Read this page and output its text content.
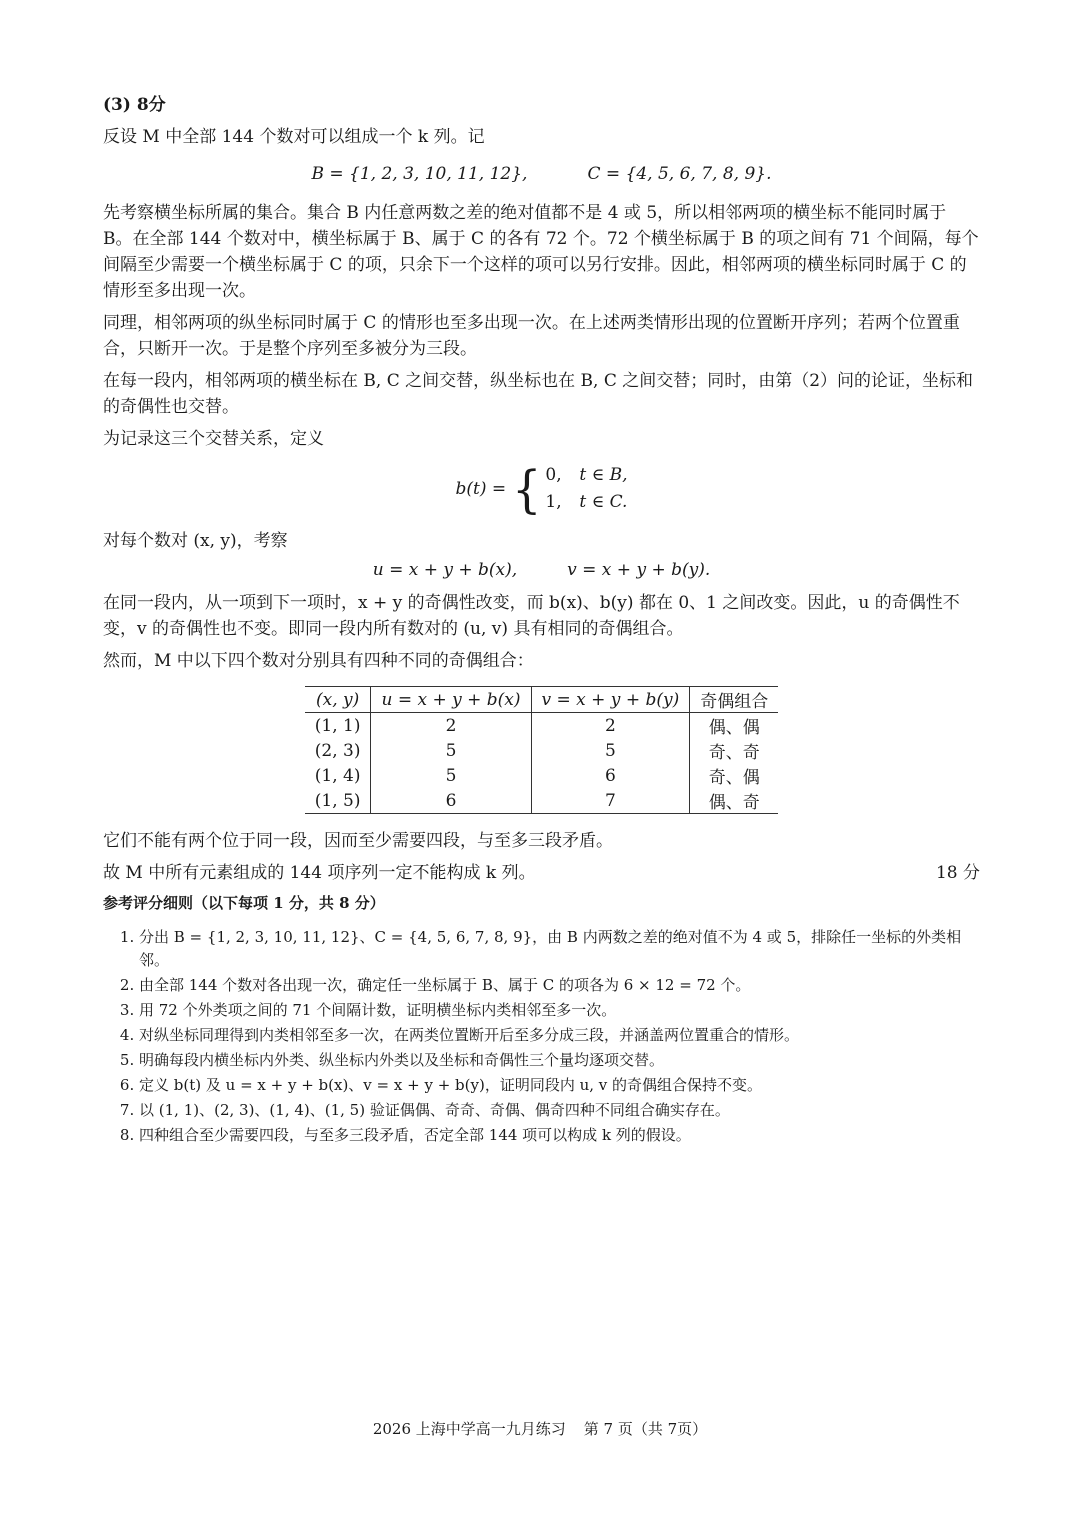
(3) 8分

反设 M 中全部 144 个数对可以组成一个 k 列。记

B = {1, 2, 3, 10, 11, 12},	C = {4, 5, 6, 7, 8, 9}.

先考察横坐标所属的集合。集合 B 内任意两数之差的绝对值都不是 4 或 5，所以相邻两项的横坐标不能同时属于 B。在全部 144 个数对中，横坐标属于 B、属于 C 的各有 72 个。72 个横坐标属于 B 的项之间有 71 个间隔，每个间隔至少需要一个横坐标属于 C 的项，只余下一个这样的项可以另行安排。因此，相邻两项的横坐标同时属于 C 的情形至多出现一次。

同理，相邻两项的纵坐标同时属于 C 的情形也至多出现一次。在上述两类情形出现的位置断开序列；若两个位置重合，只断开一次。于是整个序列至多被分为三段。

在每一段内，相邻两项的横坐标在 B, C 之间交替，纵坐标也在 B, C 之间交替；同时，由第（2）问的论证，坐标和的奇偶性也交替。

为记录这三个交替关系，定义

b(t) = { 0, t ∈ B,
1, t ∈ C.

对每个数对 (x, y)，考察

u = x + y + b(x),	v = x + y + b(y).

在同一段内，从一项到下一项时，x + y 的奇偶性改变，而 b(x)、b(y) 都在 0、1 之间改变。因此，u 的奇偶性不变，v 的奇偶性也不变。即同一段内所有数对的 (u, v) 具有相同的奇偶组合。

然而，M 中以下四个数对分别具有四种不同的奇偶组合：

(x, y)	u = x + y + b(x)	v = x + y + b(y)	奇偶组合
(1, 1)	2	2	偶、偶
(2, 3)	5	5	奇、奇
(1, 4)	5	6	奇、偶
(1, 5)	6	7	偶、奇

它们不能有两个位于同一段，因而至少需要四段，与至多三段矛盾。

故 M 中所有元素组成的 144 项序列一定不能构成 k 列。	18 分

参考评分细则（以下每项 1 分，共 8 分）

1. 分出 B = {1, 2, 3, 10, 11, 12}、C = {4, 5, 6, 7, 8, 9}，由 B 内两数之差的绝对值不为 4 或 5，排除任一坐标的外类相邻。
2. 由全部 144 个数对各出现一次，确定任一坐标属于 B、属于 C 的项各为 6 × 12 = 72 个。
3. 用 72 个外类项之间的 71 个间隔计数，证明横坐标内类相邻至多一次。
4. 对纵坐标同理得到内类相邻至多一次，在两类位置断开后至多分成三段，并涵盖两位置重合的情形。
5. 明确每段内横坐标内外类、纵坐标内外类以及坐标和奇偶性三个量均逐项交替。
6. 定义 b(t) 及 u = x + y + b(x)、v = x + y + b(y)，证明同段内 u, v 的奇偶组合保持不变。
7. 以 (1, 1)、(2, 3)、(1, 4)、(1, 5) 验证偶偶、奇奇、奇偶、偶奇四种不同组合确实存在。
8. 四种组合至少需要四段，与至多三段矛盾，否定全部 144 项可以构成 k 列的假设。
2026 上海中学高一九月练习 第 7 页（共 7页）
